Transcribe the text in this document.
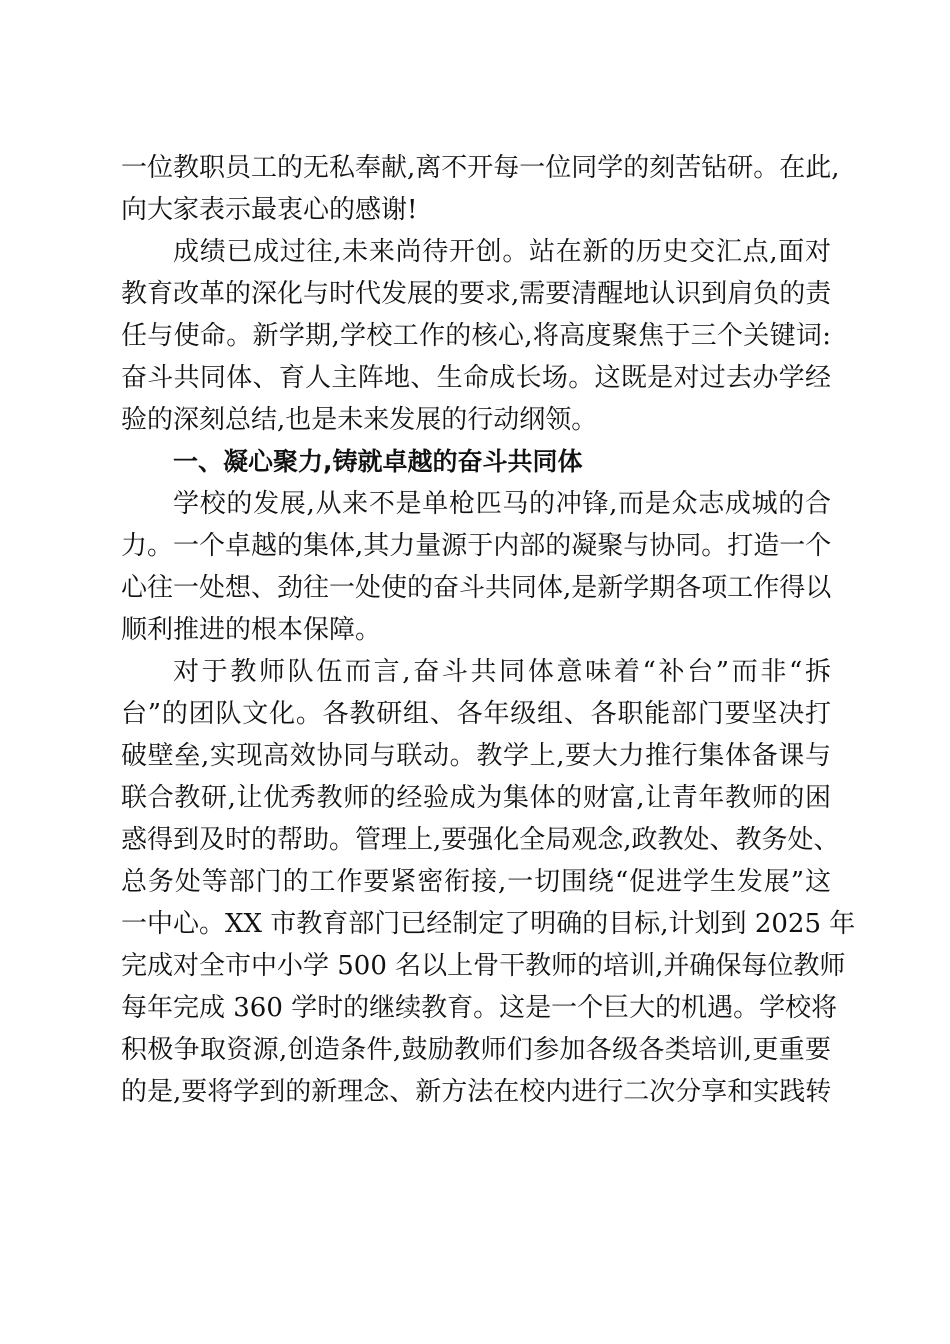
一位教职员工的无私奉献,离不开每一位同学的刻苦钻研。在此,
向大家表示最衷心的感谢!
成绩已成过往,未来尚待开创。站在新的历史交汇点,面对
教育改革的深化与时代发展的要求,需要清醒地认识到肩负的责
任与使命。新学期,学校工作的核心,将高度聚焦于三个关键词:
奋斗共同体、育人主阵地、生命成长场。这既是对过去办学经
验的深刻总结,也是未来发展的行动纲领。
一、凝心聚力,铸就卓越的奋斗共同体
学校的发展,从来不是单枪匹马的冲锋,而是众志成城的合
力。一个卓越的集体,其力量源于内部的凝聚与协同。打造一个
心往一处想、劲往一处使的奋斗共同体,是新学期各项工作得以
顺利推进的根本保障。
对于教师队伍而言,奋斗共同体意味着“补台”而非“拆
台”的团队文化。各教研组、各年级组、各职能部门要坚决打
破壁垒,实现高效协同与联动。教学上,要大力推行集体备课与
联合教研,让优秀教师的经验成为集体的财富,让青年教师的困
惑得到及时的帮助。管理上,要强化全局观念,政教处、教务处、
总务处等部门的工作要紧密衔接,一切围绕“促进学生发展”这
一中心。XX 市教育部门已经制定了明确的目标,计划到 2025 年
完成对全市中小学 500 名以上骨干教师的培训,并确保每位教师
每年完成 360 学时的继续教育。这是一个巨大的机遇。学校将
积极争取资源,创造条件,鼓励教师们参加各级各类培训,更重要
的是,要将学到的新理念、新方法在校内进行二次分享和实践转
